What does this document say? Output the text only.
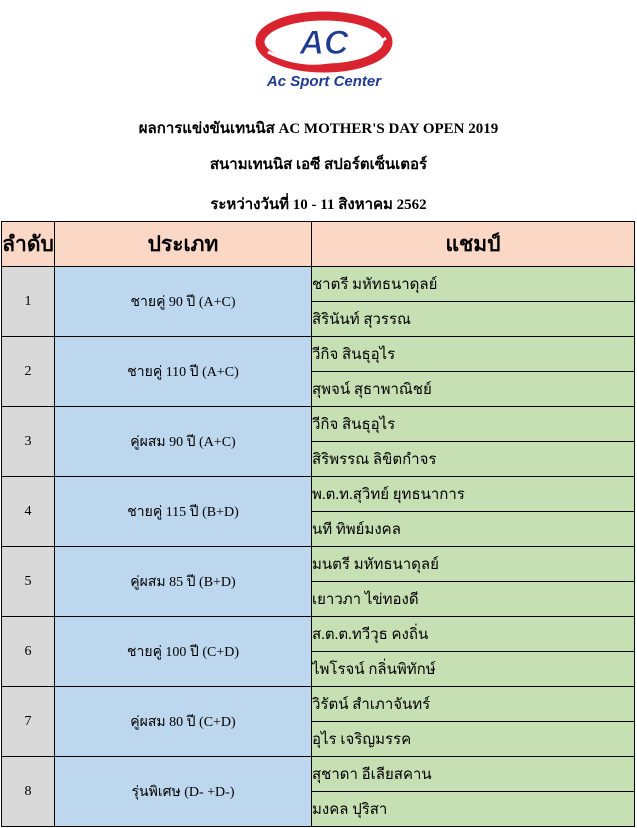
AC
Ac Sport Center
ผลการแข่งขันเทนนิส AC MOTHER'S DAY OPEN 2019
สนามเทนนิส เอซี สปอร์ตเซ็นเตอร์
ระหว่างวันที่ 10 - 11 สิงหาคม 2562
ลำดับ	ประเภท	แชมป์
1	ชายคู่ 90 ปี (A+C)	ชาตรี มหัทธนาดุลย์
		สิรินันท์ สุวรรณ
2	ชายคู่ 110 ปี (A+C)	วีกิจ สินธุอุไร
		สุพจน์ สุธาพาณิชย์
3	คู่ผสม 90 ปี (A+C)	วีกิจ สินธุอุไร
		สิริพรรณ ลิขิตกำจร
4	ชายคู่ 115 ปี (B+D)	พ.ต.ท.สุวิทย์ ยุทธนาการ
		นที ทิพย์มงคล
5	คู่ผสม 85 ปี (B+D)	มนตรี มหัทธนาดุลย์
		เยาวภา ไข่ทองดี
6	ชายคู่ 100 ปี (C+D)	ส.ต.ต.ทวีวุธ คงถิ่น
		ไพโรจน์ กลิ่นพิทักษ์
7	คู่ผสม 80 ปี (C+D)	วิรัตน์ สำเภาจันทร์
		อุไร เจริญมรรค
8	รุ่นพิเศษ (D- +D-)	สุชาดา อีเลียสคาน
		มงคล ปุริสา
